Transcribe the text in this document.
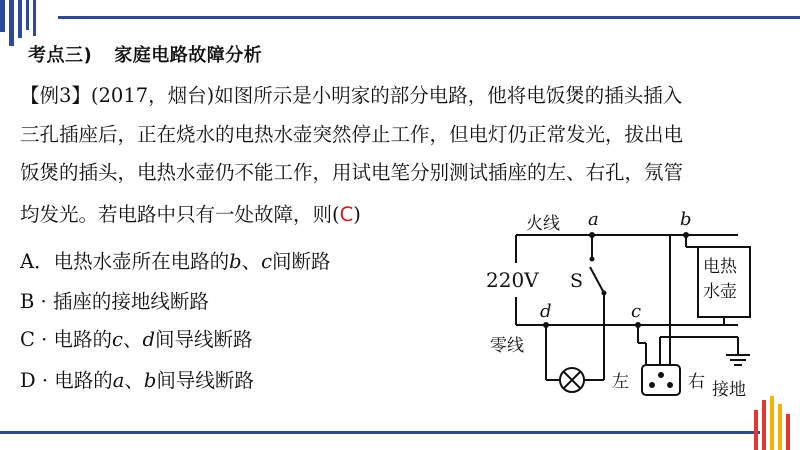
考点三) 家庭电路故障分析
【例3】(2017，烟台)如图所示是小明家的部分电路，他将电饭煲的插头插入
三孔插座后，正在烧水的电热水壶突然停止工作，但电灯仍正常发光，拔出电
饭煲的插头，电热水壶仍不能工作，用试电笔分别测试插座的左、右孔，氖管
均发光。若电路中只有一处故障，则(C)
A．电热水壶所在电路的b、c间断路
B · 插座的接地线断路
C · 电路的c、d间导线断路
D · 电路的a、b间导线断路
火线 a	b
220V S
电热
水壶
d	c
零线
左	右 接地
